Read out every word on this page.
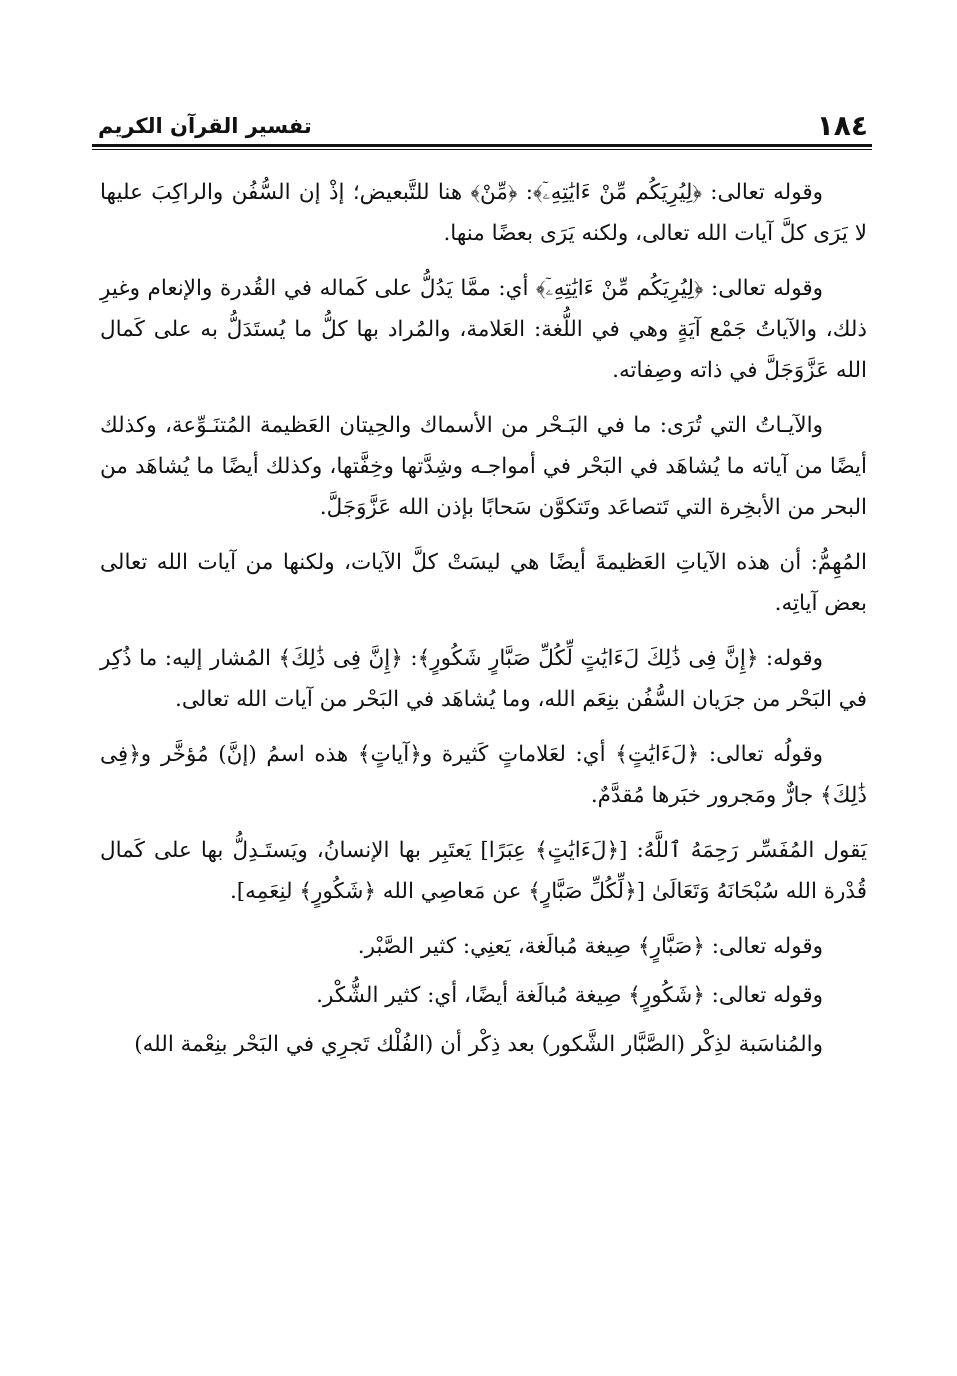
١٨٤
تفسير القرآن الكريم

وقوله تعالى: ﴿لِيُرِيَكُم مِّنْ ءَايَٰتِهِۦٓ﴾: ﴿مِّنْ﴾ هنا للتَّبعيض؛ إذْ إن السُّفُن والراكِبَ عليها لا يَرَى كلَّ آيات الله تعالى، ولكنه يَرَى بعضًا منها.

وقوله تعالى: ﴿لِيُرِيَكُم مِّنْ ءَايَٰتِهِۦٓ﴾ أي: ممَّا يَدُلُّ على كَماله في القُدرة والإنعام وغيرِ ذلك، والآياتُ جَمْع آيَةٍ وهي في اللُّغة: العَلامة، والمُراد بها كلُّ ما يُستَدَلُّ به على كَمال الله عَزَّوَجَلَّ في ذاته وصِفاته.

والآيـاتُ التي تُرَى: ما في البَـحْر من الأسماك والحِيتان العَظيمة المُتنَـوِّعة، وكذلك أيضًا من آياته ما يُشاهَد في البَحْر في أمواجـه وشِدَّتها وخِفَّتها، وكذلك أيضًا ما يُشاهَد من البحر من الأبخِرة التي تَتصاعَد وتَتكوَّن سَحابًا بإذن الله عَزَّوَجَلَّ.

المُهِمُّ: أن هذه الآياتِ العَظيمةَ أيضًا هي ليسَتْ كلَّ الآيات، ولكنها من آيات الله تعالى بعض آياتِه.

وقوله: ﴿إِنَّ فِى ذَٰلِكَ لَءَايَٰتٍ لِّكُلِّ صَبَّارٍ شَكُورٍ﴾: ﴿إِنَّ فِى ذَٰلِكَ﴾ المُشار إليه: ما ذُكِر في البَحْر من جرَيان السُّفُن بنِعَم الله، وما يُشاهَد في البَحْر من آيات الله تعالى.

وقولُه تعالى: ﴿لَءَايَٰتٍ﴾ أي: لعَلاماتٍ كَثيرة و﴿آياتٍ﴾ هذه اسمُ (إنَّ) مُؤخَّر و﴿فِى ذَٰلِكَ﴾ جارٌّ ومَجرور خبَرها مُقدَّمٌ.

يَقول المُفَسِّر رَحِمَهُ ٱللَّهُ: [﴿لَءَايَٰتٍ﴾ عِبَرًا] يَعتَبِر بها الإنسانُ، ويَستَـدِلُّ بها على كَمال قُدْرة الله سُبْحَانَهُ وَتَعَالَىٰ [﴿لِّكُلِّ صَبَّارٍ﴾ عن مَعاصِي الله ﴿شَكُورٍ﴾ لنِعَمِه].

وقوله تعالى: ﴿صَبَّارٍ﴾ صِيغة مُبالَغة، يَعنِي: كثير الصَّبْر.

وقوله تعالى: ﴿شَكُورٍ﴾ صِيغة مُبالَغة أيضًا، أي: كثير الشُّكْر.

والمُناسَبة لذِكْر (الصَّبَّار الشَّكور) بعد ذِكْر أن (الفُلْك تَجرِي في البَحْر بنِعْمة الله)
